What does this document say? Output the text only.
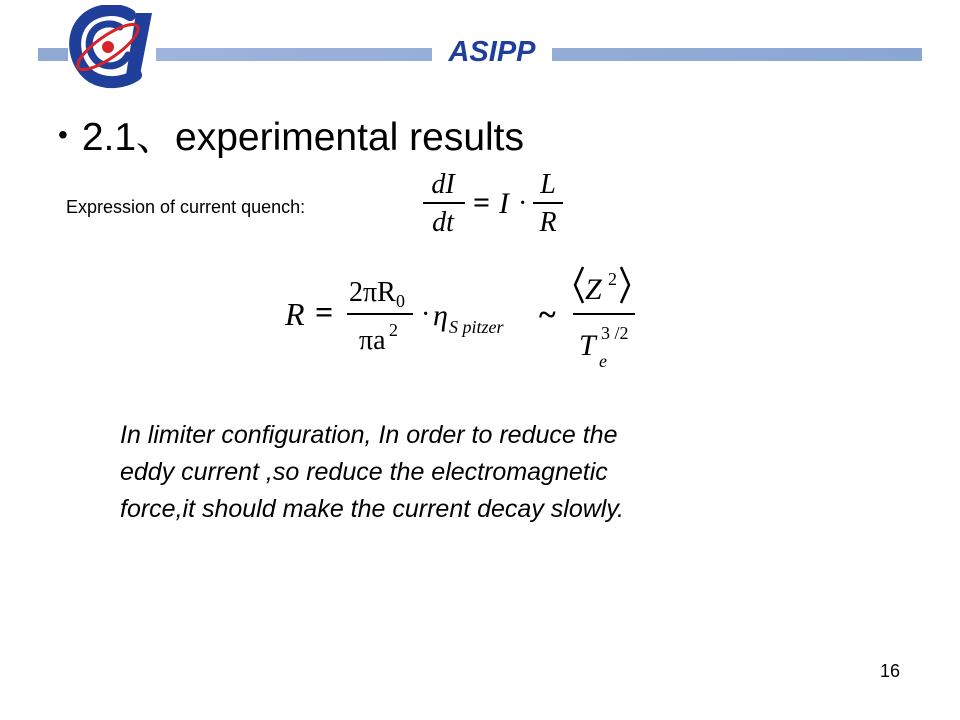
ASIPP
• 2.1、experimental results
Expression of current quench:
dI
dt
= I ·
L
R
R =
2πR 0
πa 2 · η S pitzer ~
Z 2
T e
3 /2
In limiter configuration, In order to reduce the
eddy current ,so reduce the electromagnetic
force,it should make the current decay slowly.
16
